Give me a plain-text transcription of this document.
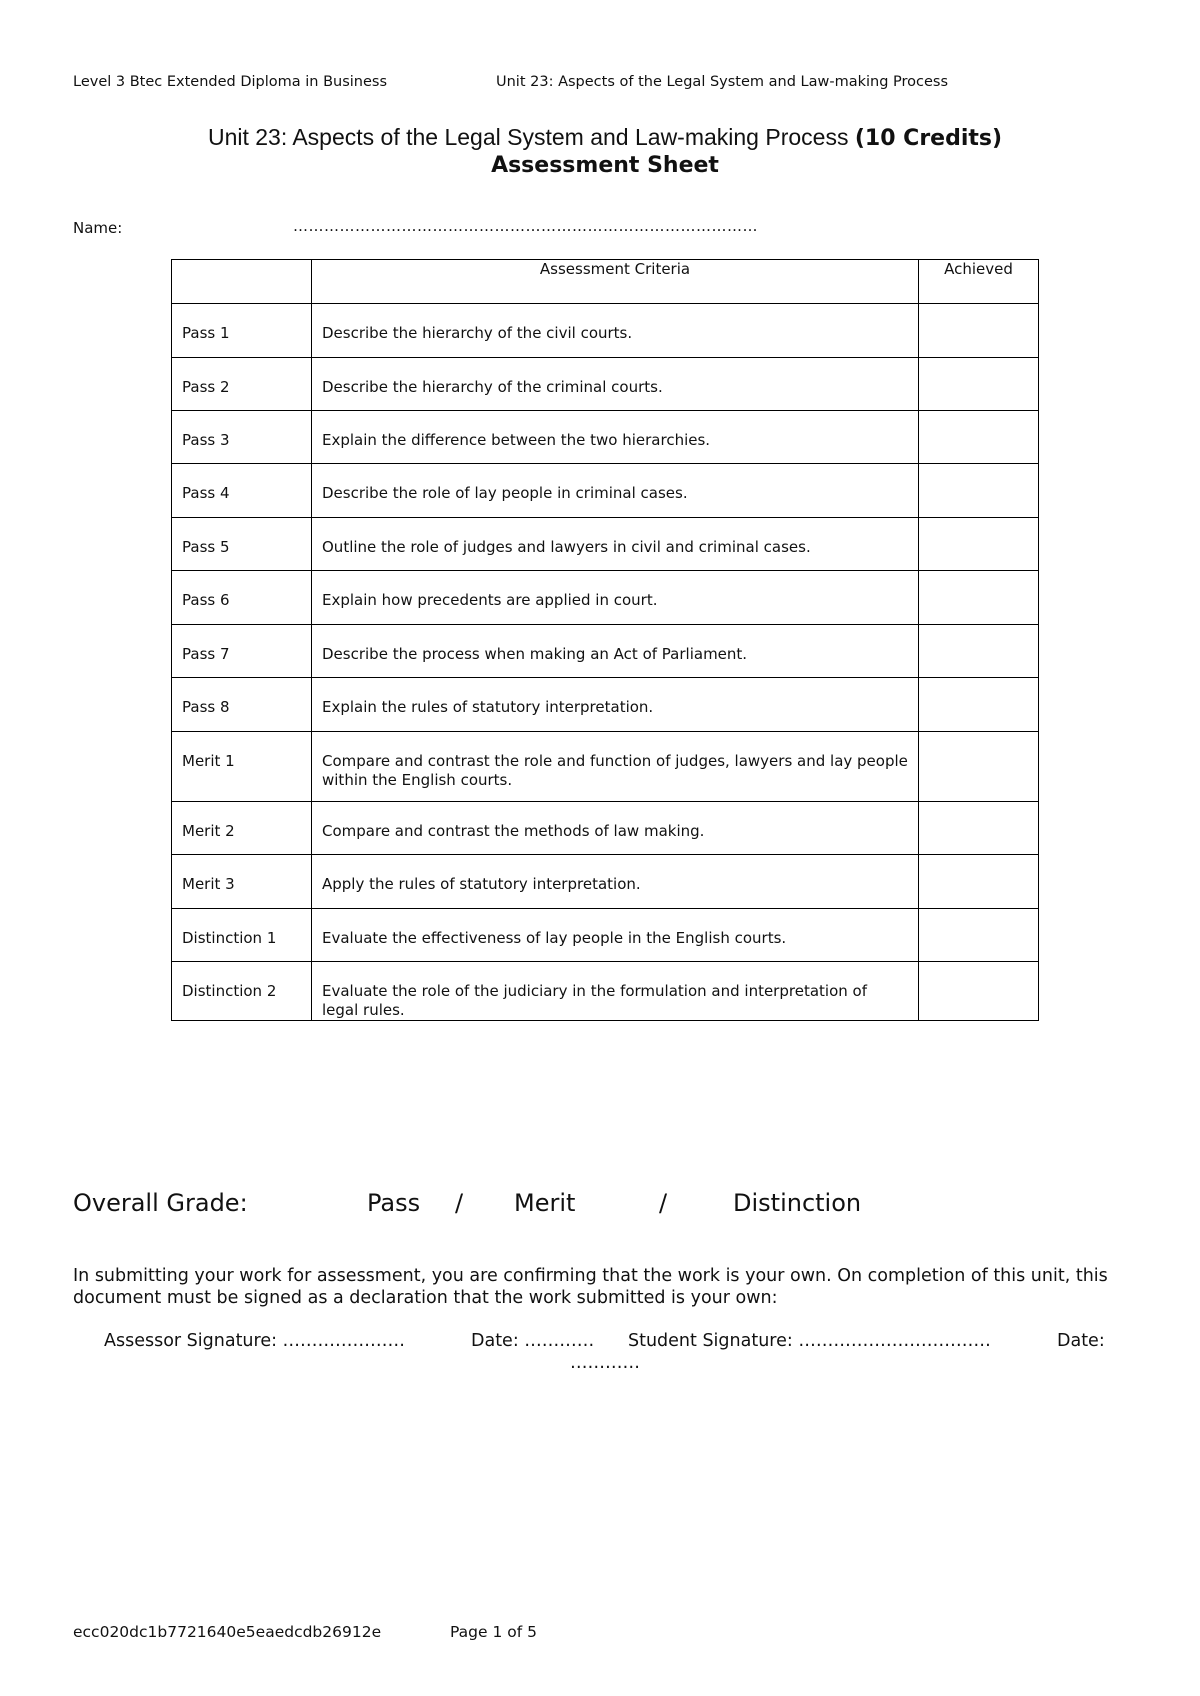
Level 3 Btec Extended Diploma in Business	Unit 23: Aspects of the Legal System and Law-making Process
Unit 23: Aspects of the Legal System and Law-making Process (10 Credits)
Assessment Sheet
Name:	………………………………………………………………………………
	Assessment Criteria	Achieved

Pass 1	Describe the hierarchy of the civil courts.	

Pass 2	Describe the hierarchy of the criminal courts.	

Pass 3	Explain the difference between the two hierarchies.	

Pass 4	Describe the role of lay people in criminal cases.	

Pass 5	Outline the role of judges and lawyers in civil and criminal cases.	

Pass 6	Explain how precedents are applied in court.	

Pass 7	Describe the process when making an Act of Parliament.	

Pass 8	Explain the rules of statutory interpretation.	

Merit 1	Compare and contrast the role and function of judges, lawyers and lay people within the English courts.	

Merit 2	Compare and contrast the methods of law making.	

Merit 3	Apply the rules of statutory interpretation.	

Distinction 1	Evaluate the effectiveness of lay people in the English courts.	

Distinction 2	Evaluate the role of the judiciary in the formulation and interpretation of legal rules.	

Overall Grade:	Pass / Merit	/	Distinction
In submitting your work for assessment, you are confirming that the work is your own. On completion of this unit, this document must be signed as a declaration that the work submitted is your own:
Assessor Signature: …………………	Date: ………… Student Signature: ……………………………	Date:
…………
ecc020dc1b7721640e5eaedcdb26912e	Page 1 of 5
